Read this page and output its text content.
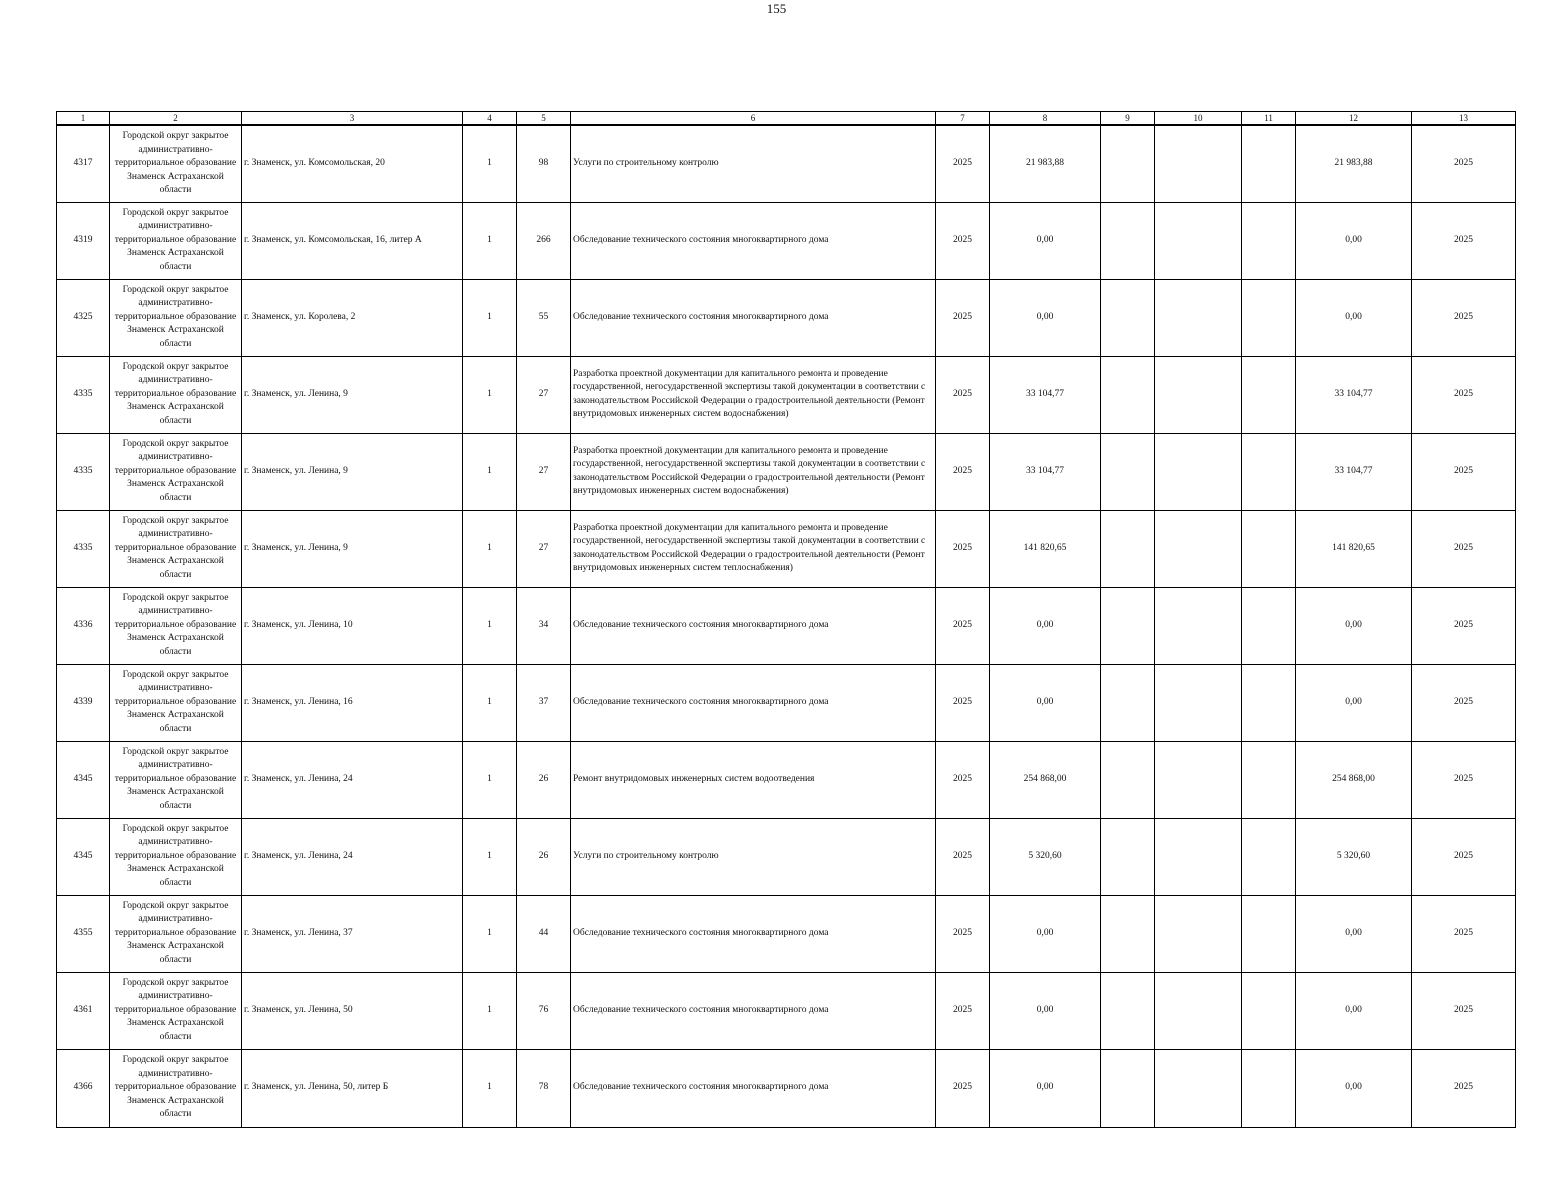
155
1	2	3	4	5	6	7	8	9	10	11	12	13
4317	Городской округ закрытое административно-территориальное образование Знаменск Астраханской области	г. Знаменск, ул. Комсомольская, 20	1	98	Услуги по строительному контролю	2025	21 983,88				21 983,88	2025
4319	Городской округ закрытое административно-территориальное образование Знаменск Астраханской области	г. Знаменск, ул. Комсомольская, 16, литер А	1	266	Обследование технического состояния многоквартирного дома	2025	0,00				0,00	2025
4325	Городской округ закрытое административно-территориальное образование Знаменск Астраханской области	г. Знаменск, ул. Королева, 2	1	55	Обследование технического состояния многоквартирного дома	2025	0,00				0,00	2025
4335	Городской округ закрытое административно-территориальное образование Знаменск Астраханской области	г. Знаменск, ул. Ленина, 9	1	27	Разработка проектной документации для капитального ремонта и проведение государственной, негосударственной экспертизы такой документации в соответствии с законодательством Российской Федерации о градостроительной деятельности (Ремонт внутридомовых инженерных систем водоснабжения)	2025	33 104,77				33 104,77	2025
4335	Городской округ закрытое административно-территориальное образование Знаменск Астраханской области	г. Знаменск, ул. Ленина, 9	1	27	Разработка проектной документации для капитального ремонта и проведение государственной, негосударственной экспертизы такой документации в соответствии с законодательством Российской Федерации о градостроительной деятельности (Ремонт внутридомовых инженерных систем водоснабжения)	2025	33 104,77				33 104,77	2025
4335	Городской округ закрытое административно-территориальное образование Знаменск Астраханской области	г. Знаменск, ул. Ленина, 9	1	27	Разработка проектной документации для капитального ремонта и проведение государственной, негосударственной экспертизы такой документации в соответствии с законодательством Российской Федерации о градостроительной деятельности (Ремонт внутридомовых инженерных систем теплоснабжения)	2025	141 820,65				141 820,65	2025
4336	Городской округ закрытое административно-территориальное образование Знаменск Астраханской области	г. Знаменск, ул. Ленина, 10	1	34	Обследование технического состояния многоквартирного дома	2025	0,00				0,00	2025
4339	Городской округ закрытое административно-территориальное образование Знаменск Астраханской области	г. Знаменск, ул. Ленина, 16	1	37	Обследование технического состояния многоквартирного дома	2025	0,00				0,00	2025
4345	Городской округ закрытое административно-территориальное образование Знаменск Астраханской области	г. Знаменск, ул. Ленина, 24	1	26	Ремонт внутридомовых инженерных систем водоотведения	2025	254 868,00				254 868,00	2025
4345	Городской округ закрытое административно-территориальное образование Знаменск Астраханской области	г. Знаменск, ул. Ленина, 24	1	26	Услуги по строительному контролю	2025	5 320,60				5 320,60	2025
4355	Городской округ закрытое административно-территориальное образование Знаменск Астраханской области	г. Знаменск, ул. Ленина, 37	1	44	Обследование технического состояния многоквартирного дома	2025	0,00				0,00	2025
4361	Городской округ закрытое административно-территориальное образование Знаменск Астраханской области	г. Знаменск, ул. Ленина, 50	1	76	Обследование технического состояния многоквартирного дома	2025	0,00				0,00	2025
4366	Городской округ закрытое административно-территориальное образование Знаменск Астраханской области	г. Знаменск, ул. Ленина, 50, литер Б	1	78	Обследование технического состояния многоквартирного дома	2025	0,00				0,00	2025
